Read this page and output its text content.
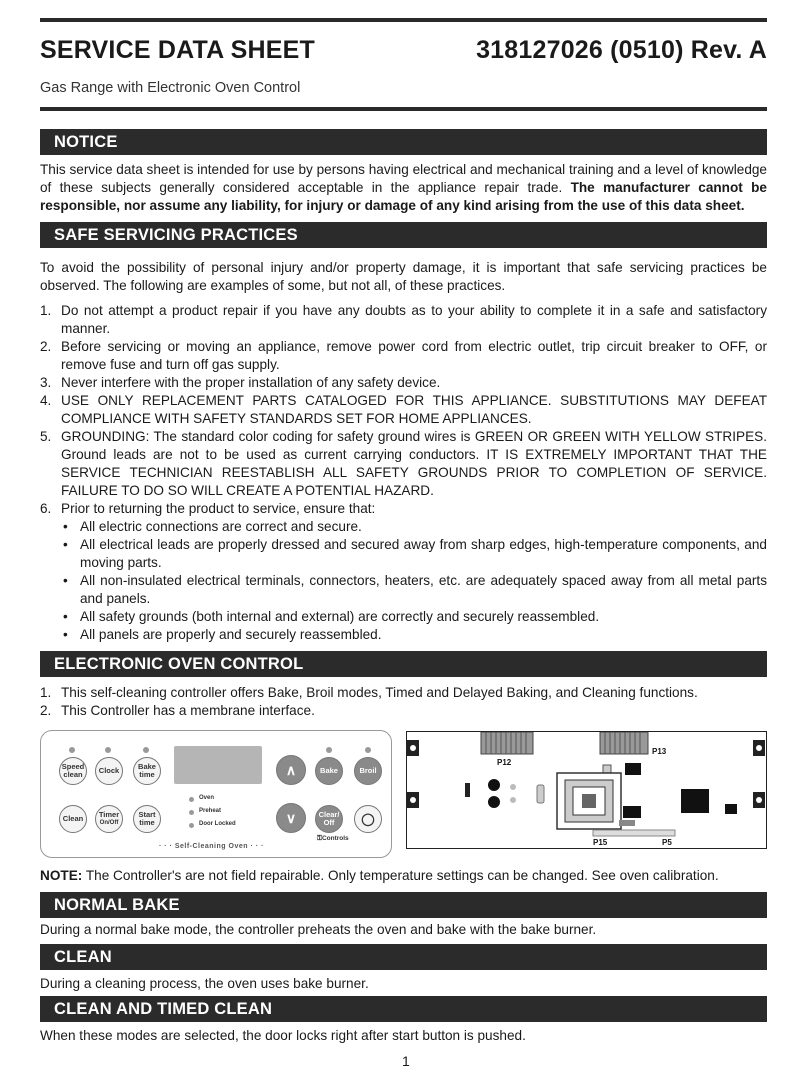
SERVICE DATA SHEET	318127026 (0510) Rev. A
Gas Range with Electronic Oven Control
NOTICE
This service data sheet is intended for use by persons having electrical and mechanical training and a level of knowledge of these subjects generally considered acceptable in the appliance repair trade. The manufacturer cannot be responsible, nor assume any liability, for injury or damage of any kind arising from the use of this data sheet.
SAFE SERVICING PRACTICES
To avoid the possibility of personal injury and/or property damage, it is important that safe servicing practices be observed. The following are examples of some, but not all, of these practices.
1. Do not attempt a product repair if you have any doubts as to your ability to complete it in a safe and satisfactory manner.
2. Before servicing or moving an appliance, remove power cord from electric outlet, trip circuit breaker to OFF, or remove fuse and turn off gas supply.
3. Never interfere with the proper installation of any safety device.
4. USE ONLY REPLACEMENT PARTS CATALOGED FOR THIS APPLIANCE. SUBSTITUTIONS MAY DEFEAT COMPLIANCE WITH SAFETY STANDARDS SET FOR HOME APPLIANCES.
5. GROUNDING: The standard color coding for safety ground wires is GREEN OR GREEN WITH YELLOW STRIPES. Ground leads are not to be used as current carrying conductors. IT IS EXTREMELY IMPORTANT THAT THE SERVICE TECHNICIAN REESTABLISH ALL SAFETY GROUNDS PRIOR TO COMPLETION OF SERVICE. FAILURE TO DO SO WILL CREATE A POTENTIAL HAZARD.
6. Prior to returning the product to service, ensure that:
• All electric connections are correct and secure.
• All electrical leads are properly dressed and secured away from sharp edges, high-temperature components, and moving parts.
• All non-insulated electrical terminals, connectors, heaters, etc. are adequately spaced away from all metal parts and panels.
• All safety grounds (both internal and external) are correctly and securely reassembled.
• All panels are properly and securely reassembled.
ELECTRONIC OVEN CONTROL
1. This self-cleaning controller offers Bake, Broil modes, Timed and Delayed Baking, and Cleaning functions.
2. This Controller has a membrane interface.
Speed clean	Clock	Bake time	∧	Bake	Broil
Clean	Timer
On/Off
Start time
Oven
Preheat
Door Locked	∨	Clear/ Off	◯
⚿Controls
· · · Self-Cleaning Oven · · ·
P12
P13
P15	P5
NOTE: The Controller's are not field repairable. Only temperature settings can be changed. See oven calibration.
NORMAL BAKE
During a normal bake mode, the controller preheats the oven and bake with the bake burner.
CLEAN
During a cleaning process, the oven uses bake burner.
CLEAN AND TIMED CLEAN
When these modes are selected, the door locks right after start button is pushed.
1
